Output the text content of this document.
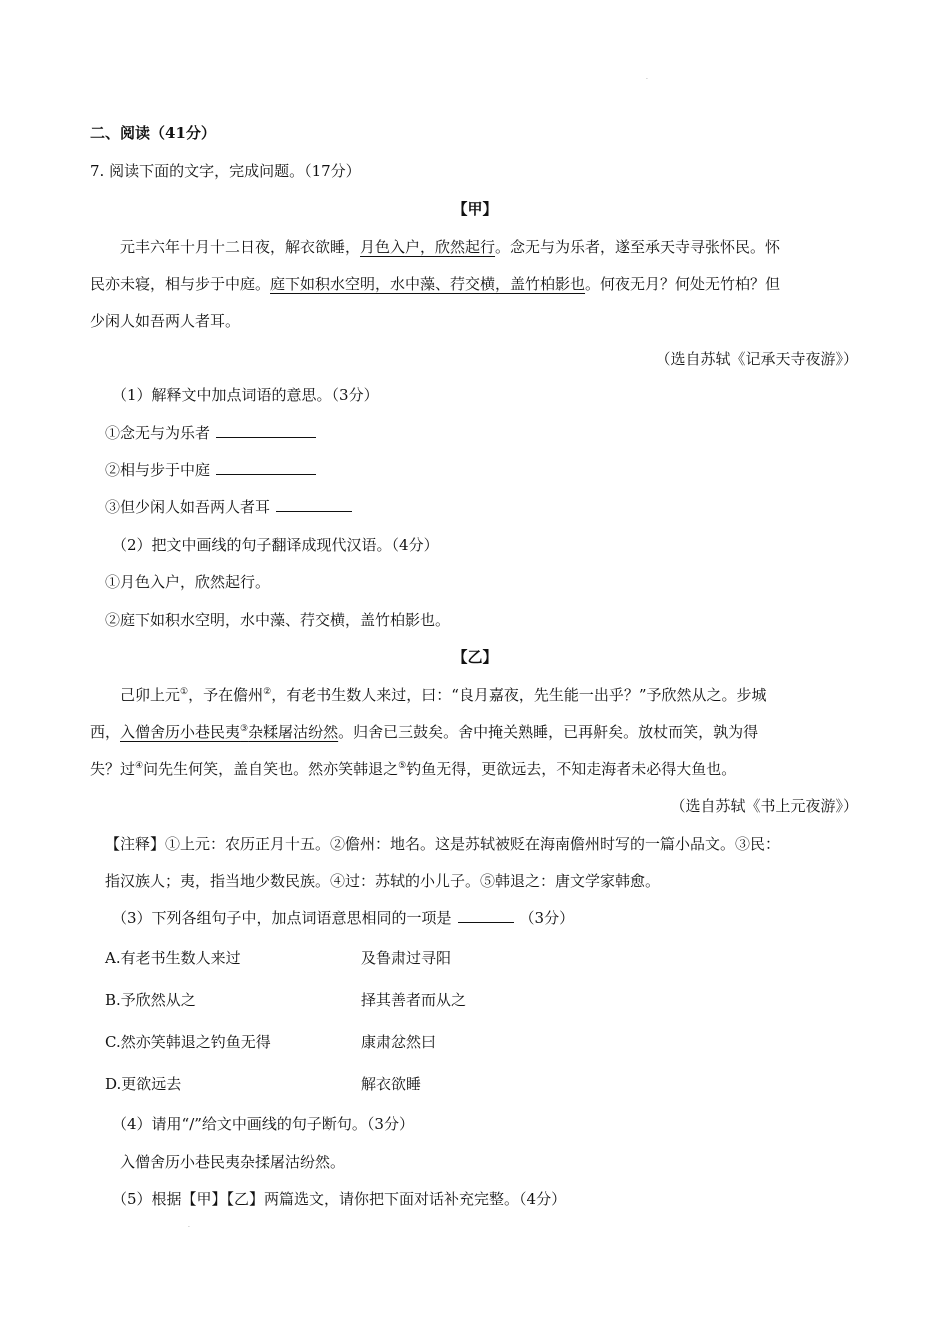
·
二、阅读（41分）
7. 阅读下面的文字，完成问题。（17分）
【甲】
元丰六年十月十二日夜，解衣欲睡，月色入户，欣然起行。念无与为乐者，遂至承天寺寻张怀民。怀
民亦未寝，相与步于中庭。庭下如积水空明，水中藻、荇交横，盖竹柏影也。何夜无月？何处无竹柏？但
少闲人如吾两人者耳。
（选自苏轼《记承天寺夜游》）
（1）解释文中加点词语的意思。（3分）
①念无与为乐者
②相与步于中庭
③但少闲人如吾两人者耳
（2）把文中画线的句子翻译成现代汉语。（4分）
①月色入户，欣然起行。
②庭下如积水空明，水中藻、荇交横，盖竹柏影也。
【乙】
己卯上元①，予在儋州②，有老书生数人来过，曰：“良月嘉夜，先生能一出乎？”予欣然从之。步城
西，入僧舍历小巷民夷③杂糅屠沽纷然。归舍已三鼓矣。舍中掩关熟睡，已再鼾矣。放杖而笑，孰为得
失？过④问先生何笑，盖自笑也。然亦笑韩退之⑤钓鱼无得，更欲远去，不知走海者未必得大鱼也。
（选自苏轼《书上元夜游》）
【注释】①上元：农历正月十五。②儋州：地名。这是苏轼被贬在海南儋州时写的一篇小品文。③民：
指汉族人；夷，指当地少数民族。④过：苏轼的小儿子。⑤韩退之：唐文学家韩愈。
（3）下列各组句子中，加点词语意思相同的一项是	（3分）
A.有老书生数人来过	及鲁肃过寻阳
B.予欣然从之	择其善者而从之
C.然亦笑韩退之钓鱼无得	康肃忿然曰
D.更欲远去	解衣欲睡
（4）请用“/”给文中画线的句子断句。（3分）
入僧舍历小巷民夷杂揉屠沽纷然。
（5）根据【甲】【乙】两篇选文，请你把下面对话补充完整。（4分）
·
